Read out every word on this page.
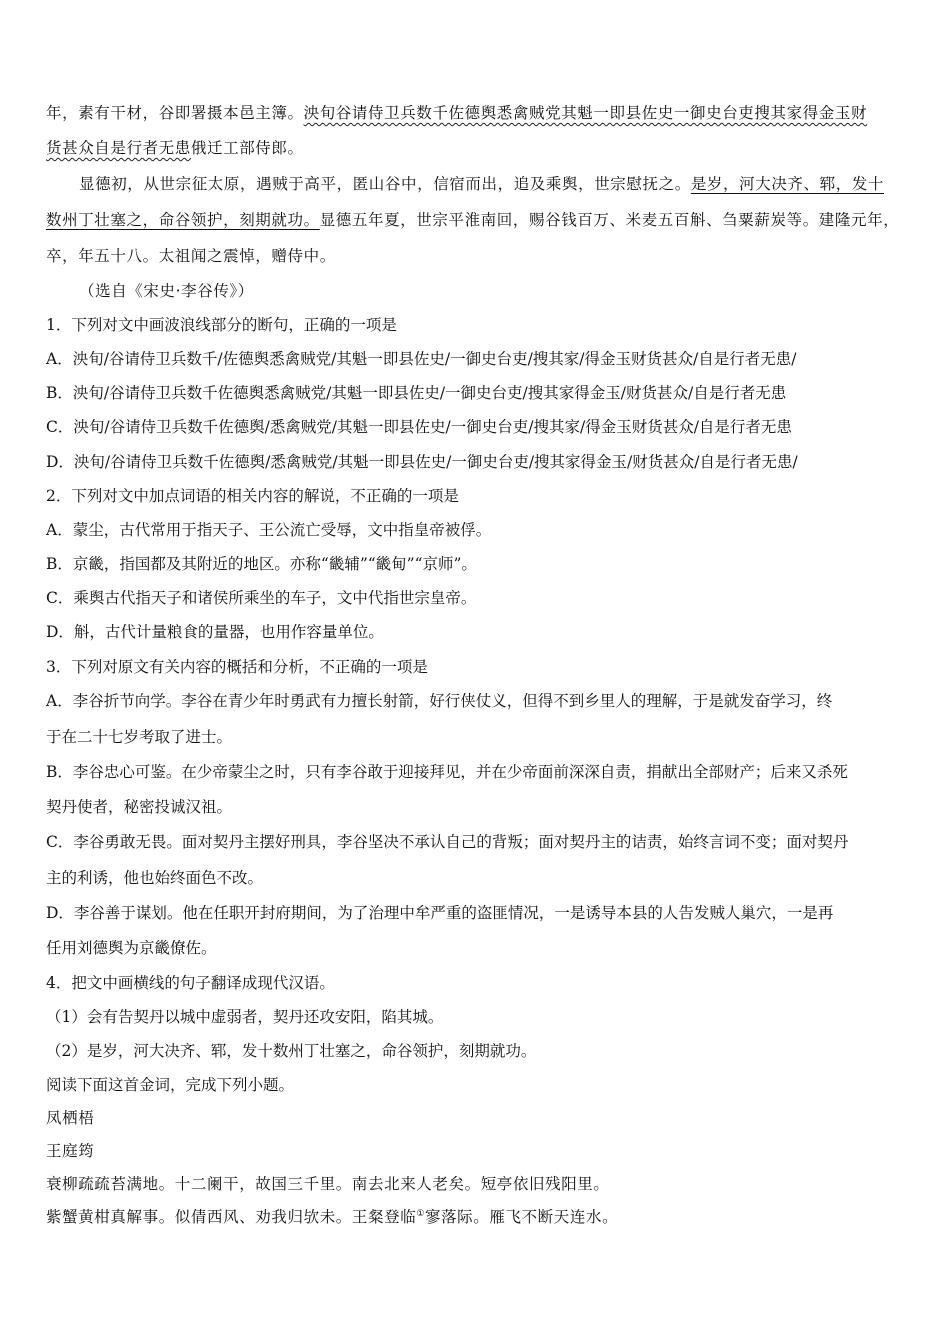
年，素有干材，谷即署摄本邑主簿。泱旬谷请侍卫兵数千佐德舆悉禽贼党其魁一即县佐史一御史台吏搜其家得金玉财
货甚众自是行者无患俄迁工部侍郎。
显德初，从世宗征太原，遇贼于高平，匿山谷中，信宿而出，追及乘舆，世宗慰抚之。是岁，河大决齐、郓，发十
数州丁壮塞之，命谷领护，刻期就功。显德五年夏，世宗平淮南回，赐谷钱百万、米麦五百斛、刍粟薪炭等。建隆元年，
卒，年五十八。太祖闻之震悼，赠侍中。
（选自《宋史·李谷传》）
1．下列对文中画波浪线部分的断句，正确的一项是
A．泱旬/谷请侍卫兵数千/佐德舆悉禽贼党/其魁一即县佐史/一御史台吏/搜其家/得金玉财货甚众/自是行者无患/
B．泱旬/谷请侍卫兵数千佐德舆悉禽贼党/其魁一即县佐史/一御史台吏/搜其家得金玉/财货甚众/自是行者无患
C．泱旬/谷请侍卫兵数千佐德舆/悉禽贼党/其魁一即县佐史/一御史台吏/搜其家/得金玉财货甚众/自是行者无患
D．泱旬/谷请侍卫兵数千佐德舆/悉禽贼党/其魁一即县佐史/一御史台吏/搜其家得金玉/财货甚众/自是行者无患/
2．下列对文中加点词语的相关内容的解说，不正确的一项是
A．蒙尘，古代常用于指天子、王公流亡受辱，文中指皇帝被俘。
B．京畿，指国都及其附近的地区。亦称“畿辅”“畿甸”“京师”。
C．乘舆古代指天子和诸侯所乘坐的车子，文中代指世宗皇帝。
D．斛，古代计量粮食的量器，也用作容量单位。
3．下列对原文有关内容的概括和分析，不正确的一项是
A．李谷折节向学。李谷在青少年时勇武有力擅长射箭，好行侠仗义，但得不到乡里人的理解，于是就发奋学习，终
于在二十七岁考取了进士。
B．李谷忠心可鉴。在少帝蒙尘之时，只有李谷敢于迎接拜见，并在少帝面前深深自责，捐献出全部财产；后来又杀死
契丹使者，秘密投诚汉祖。
C．李谷勇敢无畏。面对契丹主摆好刑具，李谷坚决不承认自己的背叛；面对契丹主的诘责，始终言词不变；面对契丹
主的利诱，他也始终面色不改。
D．李谷善于谋划。他在任职开封府期间，为了治理中牟严重的盗匪情况，一是诱导本县的人告发贼人巢穴，一是再
任用刘德舆为京畿僚佐。
4．把文中画横线的句子翻译成现代汉语。
（1）会有告契丹以城中虚弱者，契丹还攻安阳，陷其城。
（2）是岁，河大决齐、郓，发十数州丁壮塞之，命谷领护，刻期就功。
阅读下面这首金词，完成下列小题。
凤栖梧
王庭筠
衰柳疏疏苔满地。十二阑干，故国三千里。南去北来人老矣。短亭依旧残阳里。
紫蟹黄柑真解事。似倩西风、劝我归欤未。王粲登临①寥落际。雁飞不断天连水。
